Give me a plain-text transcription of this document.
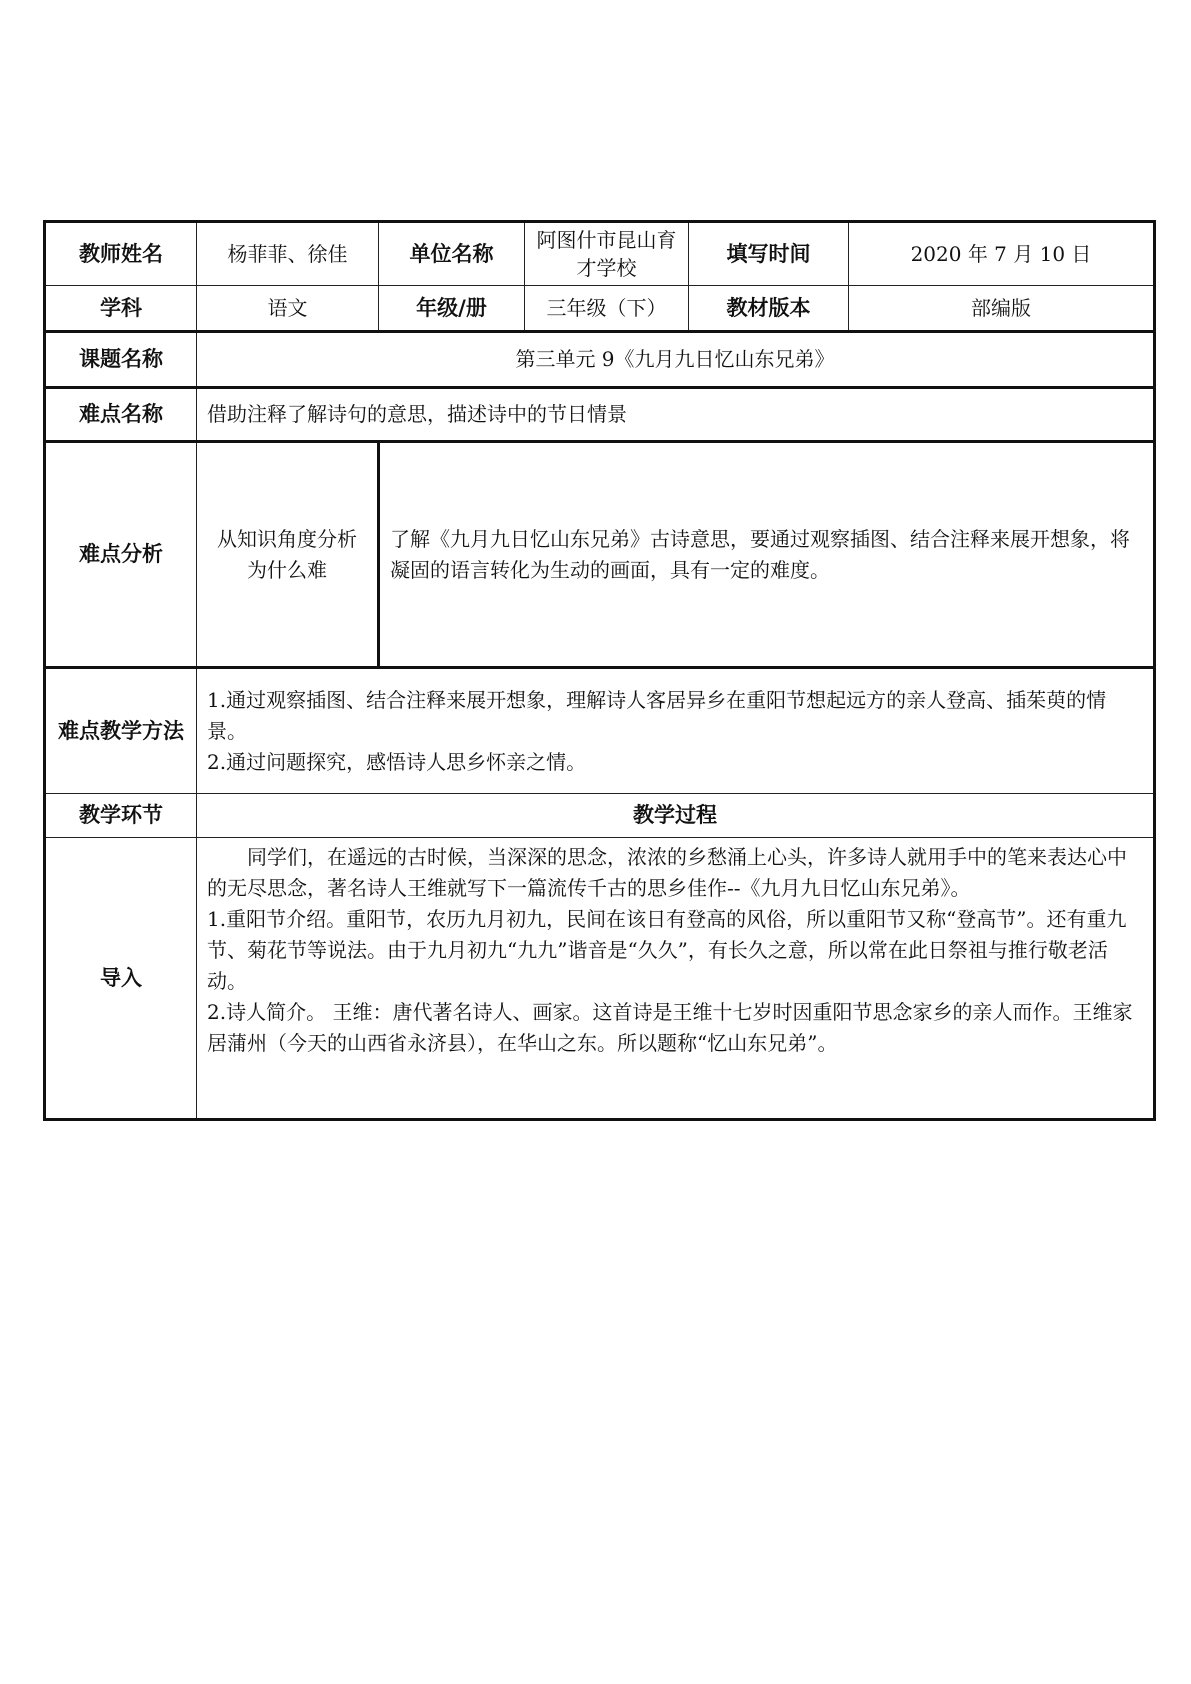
教师姓名	杨菲菲、徐佳	单位名称	阿图什市昆山育才学校	填写时间	2020 年 7 月 10 日
学科	语文	年级/册	三年级（下）	教材版本	部编版
课题名称	第三单元 9《九月九日忆山东兄弟》				
难点名称	借助注释了解诗句的意思，描述诗中的节日情景				
难点分析	从知识角度分析为什么难	了解《九月九日忆山东兄弟》古诗意思，要通过观察插图、结合注释来展开想象，将凝固的语言转化为生动的画面，具有一定的难度。			
难点教学方法	1.通过观察插图、结合注释来展开想象，理解诗人客居异乡在重阳节想起远方的亲人登高、插茱萸的情景。

2.通过问题探究，感悟诗人思乡怀亲之情。				

教学环节	教学过程				
导入	同学们，在遥远的古时候，当深深的思念，浓浓的乡愁涌上心头，许多诗人就用手中的笔来表达心中的无尽思念，著名诗人王维就写下一篇流传千古的思乡佳作--《九月九日忆山东兄弟》。

1.重阳节介绍。重阳节，农历九月初九，民间在该日有登高的风俗，所以重阳节又称“登高节”。还有重九节、菊花节等说法。由于九月初九“九九”谐音是“久久”，有长久之意，所以常在此日祭祖与推行敬老活动。

2.诗人简介。 王维：唐代著名诗人、画家。这首诗是王维十七岁时因重阳节思念家乡的亲人而作。王维家居蒲州（今天的山西省永济县），在华山之东。所以题称“忆山东兄弟”。				
